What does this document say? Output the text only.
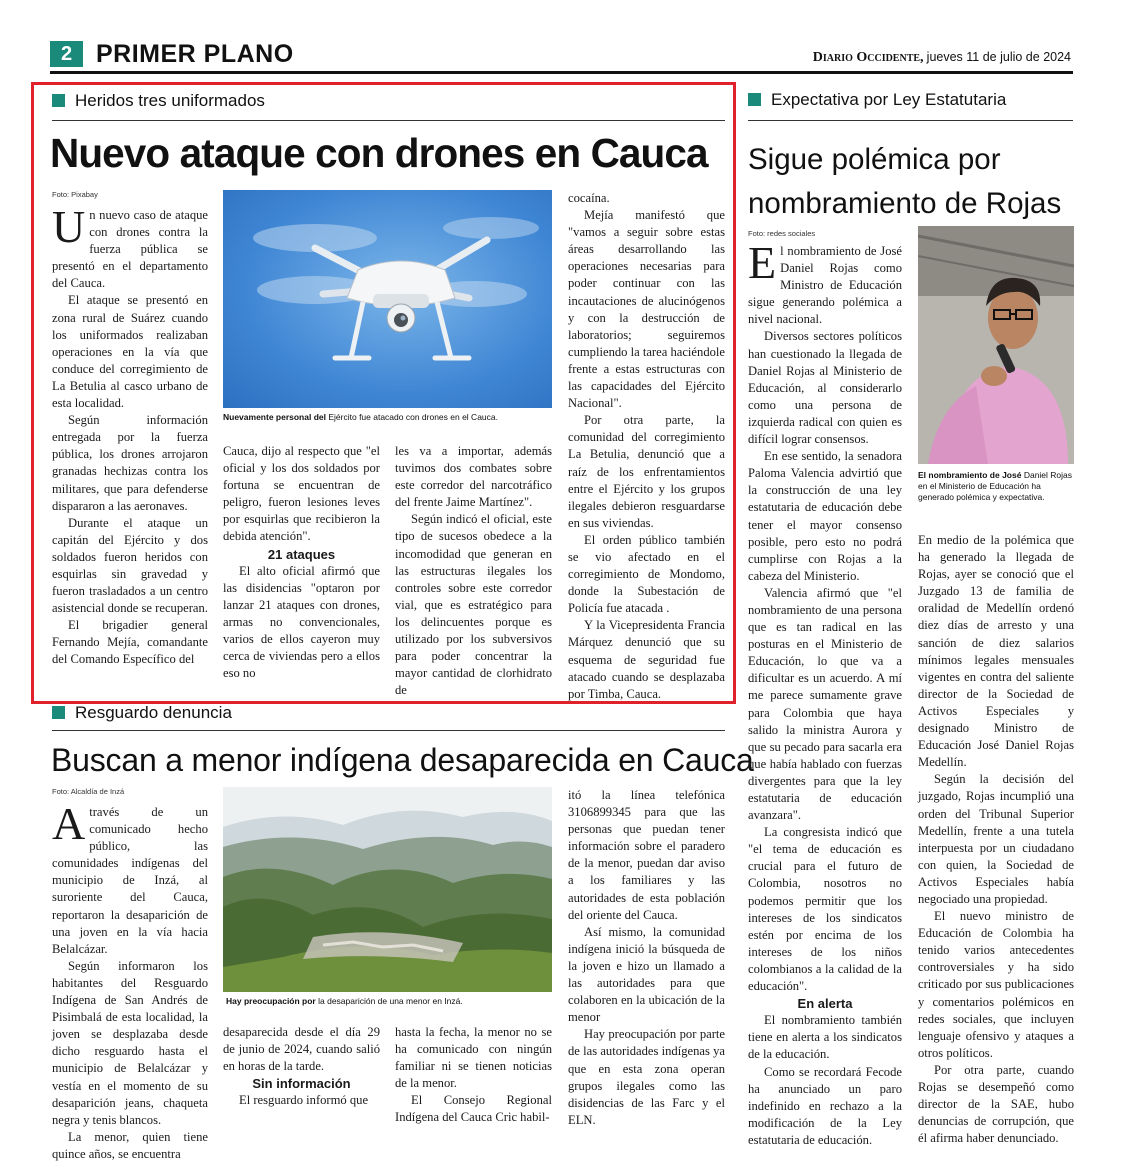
2 PRIMER PLANO	Diario Occidente, jueves 11 de julio de 2024
Heridos tres uniformados
Nuevo ataque con drones en Cauca
Foto: Pixabay
Nuevamente personal del Ejército fue atacado con drones en el Cauca.

Un nuevo caso de ataque con drones contra la fuerza pública se presentó en el departamento del Cauca.

El ataque se presentó en zona rural de Suárez cuando los uniformados realizaban operaciones en la vía que conduce del corregimiento de La Betulia al casco urbano de esta localidad.

Según información entregada por la fuerza pública, los drones arrojaron granadas hechizas contra los militares, que para defenderse dispararon a las aeronaves.

Durante el ataque un capitán del Ejército y dos soldados fueron heridos con esquirlas sin gravedad y fueron trasladados a un centro asistencial donde se recuperan.

El brigadier general Fernando Mejía, comandante del Comando Específico del

Cauca, dijo al respecto que "el oficial y los dos soldados por fortuna se encuentran de peligro, fueron lesiones leves por esquirlas que recibieron la debida atención".

21 ataques

El alto oficial afirmó que las disidencias "optaron por lanzar 21 ataques con drones, armas no convencionales, varios de ellos cayeron muy cerca de viviendas pero a ellos eso no

les va a importar, además tuvimos dos combates sobre este corredor del narcotráfico del frente Jaime Martínez".

Según indicó el oficial, este tipo de sucesos obedece a la incomodidad que generan en las estructuras ilegales los controles sobre este corredor vial, que es estratégico para los delincuentes porque es utilizado por los subversivos para poder concentrar la mayor cantidad de clorhidrato de

cocaína.

Mejía manifestó que "vamos a seguir sobre estas áreas desarrollando las operaciones necesarias para poder continuar con las incautaciones de alucinógenos y con la destrucción de laboratorios; seguiremos cumpliendo la tarea haciéndole frente a estas estructuras con las capacidades del Ejército Nacional".

Por otra parte, la comunidad del corregimiento La Betulia, denunció que a raíz de los enfrentamientos entre el Ejército y los grupos ilegales debieron resguardarse en sus viviendas.

El orden público también se vio afectado en el corregimiento de Mondomo, donde la Subestación de Policía fue atacada .

Y la Vicepresidenta Francia Márquez denunció que su esquema de seguridad fue atacado cuando se desplazaba por Timba, Cauca.

Resguardo denuncia
Buscan a menor indígena desaparecida en Cauca
Foto: Alcaldía de Inzá
Hay preocupación por la desaparición de una menor en Inzá.

Através de un comunicado hecho público, las comunidades indígenas del municipio de Inzá, al suroriente del Cauca, reportaron la desaparición de una joven en la vía hacia Belalcázar.

Según informaron los habitantes del Resguardo Indígena de San Andrés de Pisimbalá de esta localidad, la joven se desplazaba desde dicho resguardo hasta el municipio de Belalcázar y vestía en el momento de su desaparición jeans, chaqueta negra y tenis blancos.

La menor, quien tiene quince años, se encuentra

desaparecida desde el día 29 de junio de 2024, cuando salió en horas de la tarde.

Sin información

El resguardo informó que

hasta la fecha, la menor no se ha comunicado con ningún familiar ni se tienen noticias de la menor.

El Consejo Regional Indígena del Cauca Cric habil-

itó la línea telefónica 3106899345 para que las personas que puedan tener información sobre el paradero de la menor, puedan dar aviso a los familiares y las autoridades de esta población del oriente del Cauca.

Así mismo, la comunidad indígena inició la búsqueda de la joven e hizo un llamado a las autoridades para que colaboren en la ubicación de la menor

Hay preocupación por parte de las autoridades indígenas ya que en esta zona operan grupos ilegales como las disidencias de las Farc y el ELN.

Expectativa por Ley Estatutaria
Sigue polémica por nombramiento de Rojas
Foto: redes sociales
El nombramiento de José Daniel Rojas en el Ministerio de Educación ha generado polémica y expectativa.

El nombramiento de José Daniel Rojas como Ministro de Educación sigue generando polémica a nivel nacional.

Diversos sectores políticos han cuestionado la llegada de Daniel Rojas al Ministerio de Educación, al considerarlo como una persona de izquierda radical con quien es difícil lograr consensos.

En ese sentido, la senadora Paloma Valencia advirtió que la construcción de una ley estatutaria de educación debe tener el mayor consenso posible, pero esto no podrá cumplirse con Rojas a la cabeza del Ministerio.

Valencia afirmó que "el nombramiento de una persona que es tan radical en las posturas en el Ministerio de Educación, lo que va a dificultar es un acuerdo. A mí me parece sumamente grave para Colombia que haya salido la ministra Aurora y que su pecado para sacarla era que había hablado con fuerzas divergentes para que la ley estatutaria de educación avanzara".

La congresista indicó que "el tema de educación es crucial para el futuro de Colombia, nosotros no podemos permitir que los intereses de los sindicatos estén por encima de los intereses de los niños colombianos a la calidad de la educación".

En alerta

El nombramiento también tiene en alerta a los sindicatos de la educación.

Como se recordará Fecode ha anunciado un paro indefinido en rechazo a la modificación de la Ley estatutaria de educación.

En medio de la polémica que ha generado la llegada de Rojas, ayer se conoció que el Juzgado 13 de familia de oralidad de Medellín ordenó diez días de arresto y una sanción de diez salarios mínimos legales mensuales vigentes en contra del saliente director de la Sociedad de Activos Especiales y designado Ministro de Educación José Daniel Rojas Medellín.

Según la decisión del juzgado, Rojas incumplió una orden del Tribunal Superior Medellín, frente a una tutela interpuesta por un ciudadano con quien, la Sociedad de Activos Especiales había negociado una propiedad.

El nuevo ministro de Educación de Colombia ha tenido varios antecedentes controversiales y ha sido criticado por sus publicaciones y comentarios polémicos en redes sociales, que incluyen lenguaje ofensivo y ataques a otros políticos.

Por otra parte, cuando Rojas se desempeñó como director de la SAE, hubo denuncias de corrupción, que él afirma haber denunciado.
